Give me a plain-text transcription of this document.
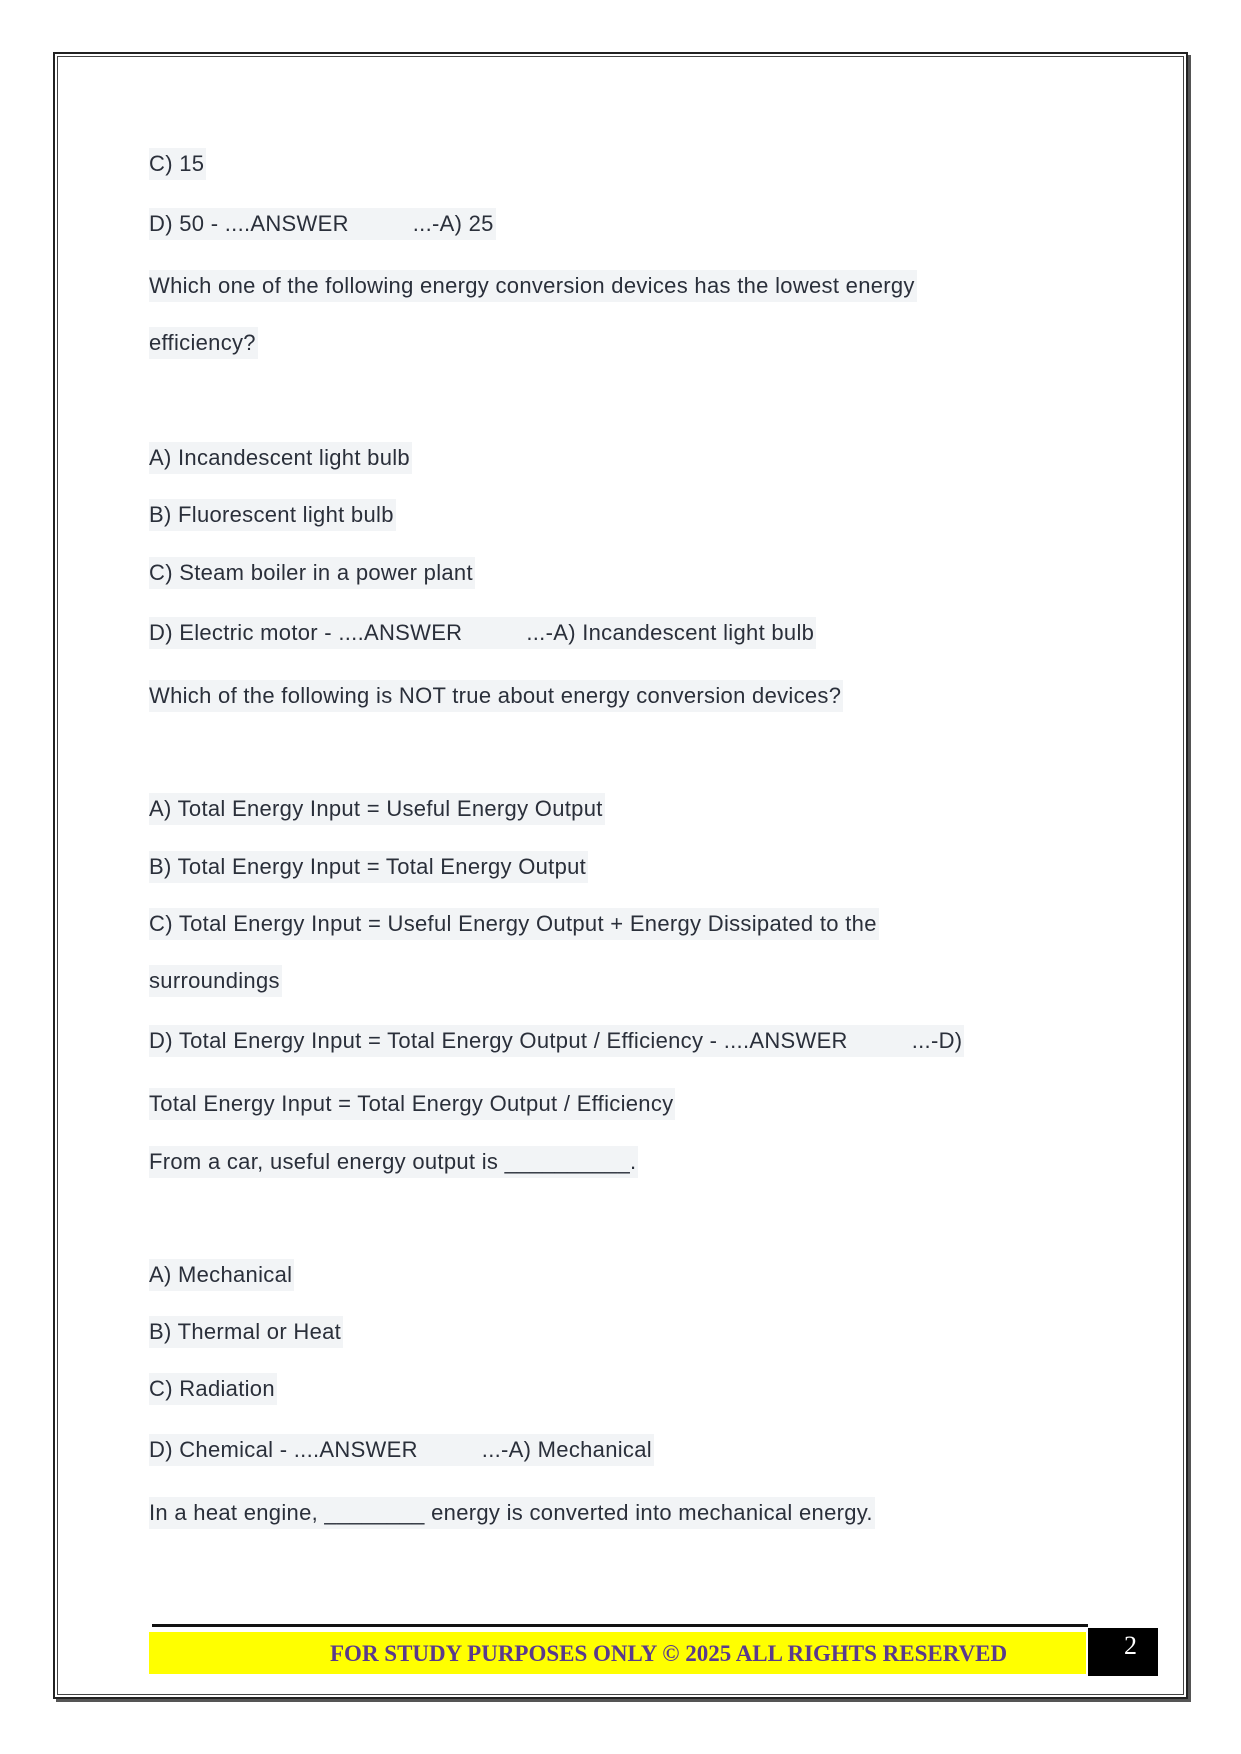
C) 15
D) 50 - ....ANSWER	...-A) 25
Which one of the following energy conversion devices has the lowest energy
efficiency?
A) Incandescent light bulb
B) Fluorescent light bulb
C) Steam boiler in a power plant
D) Electric motor - ....ANSWER	...-A) Incandescent light bulb
Which of the following is NOT true about energy conversion devices?
A) Total Energy Input = Useful Energy Output
B) Total Energy Input = Total Energy Output
C) Total Energy Input = Useful Energy Output + Energy Dissipated to the
surroundings
D) Total Energy Input = Total Energy Output / Efficiency - ....ANSWER	...-D)
Total Energy Input = Total Energy Output / Efficiency
From a car, useful energy output is __________.
A) Mechanical
B) Thermal or Heat
C) Radiation
D) Chemical - ....ANSWER	...-A) Mechanical
In a heat engine, ________ energy is converted into mechanical energy.
FOR STUDY PURPOSES ONLY © 2025 ALL RIGHTS RESERVED	2
